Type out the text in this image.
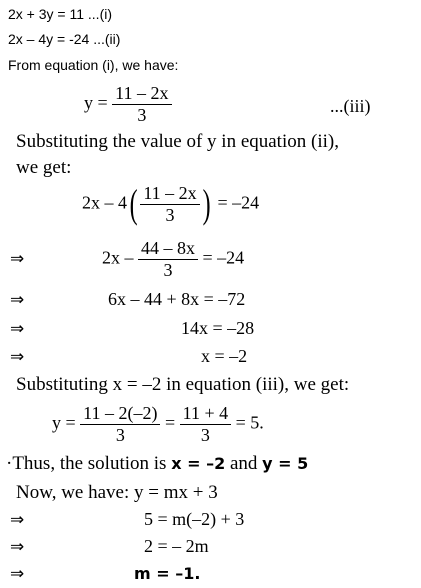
2x + 3y = 11 ...(i)
2x – 4y = -24 ...(ii)
From equation (i), we have:
$y = \frac{11 - 2x}{3}$	...(iii)
Substituting the value of y in equation (ii),
we get:
$2x - 4( \frac{11 - 2x}{3}$ ) = –24
⇒	$2x - \frac{44 - 8x}{3} = -24$
⇒	6x – 44 + 8x = –72
⇒	14x = –28
⇒	x = –2
Substituting x = –2 in equation (iii), we get:
$y = \frac{11 - 2(-2)}{3} = \frac{11 + 4}{3} = 5$.
·Thus, the solution is x = –2 and y = 5
Now, we have: y = mx + 3
⇒	5 = m(–2) + 3
⇒	2 = – 2m
⇒	m = –1.
